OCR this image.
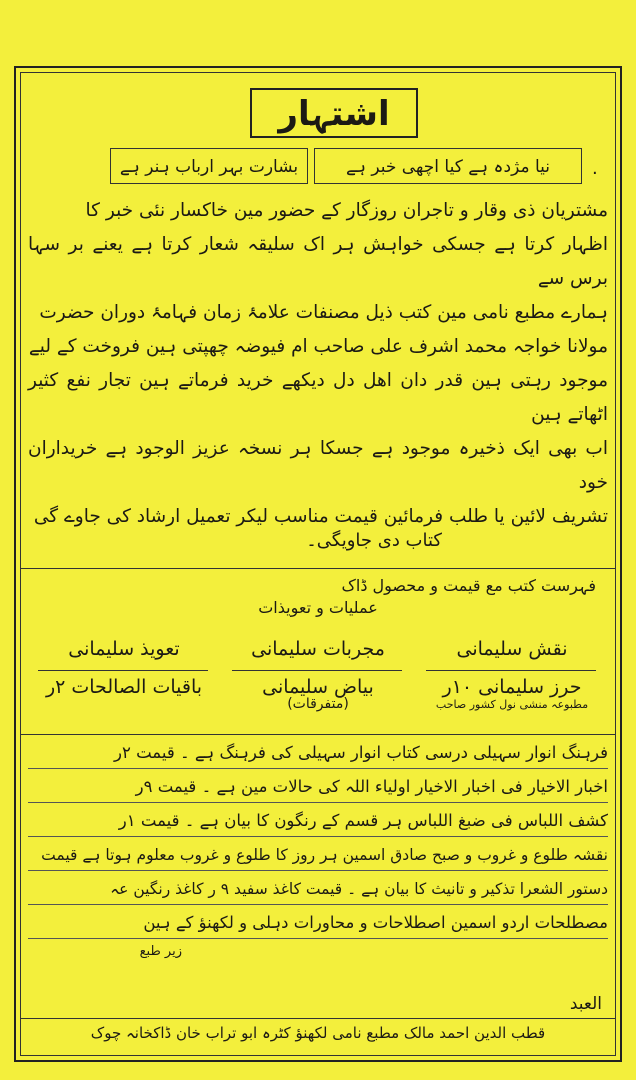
اشتہار
.
نیا مژدہ ہے کیا اچھی خبر ہے
بشارت بہر ارباب ہنر ہے
مشتریان ذی وقار و تاجران روزگار کے حضور مین خاکسار نئی خبر کا
اظہار کرتا ہے جسکی خواہش ہر اک سلیقہ شعار کرتا ہے یعنے بر سہا برس سے
ہمارے مطبع نامی مین کتب ذیل مصنفات علامۂ زمان فہامۂ دوران حضرت
مولانا خواجہ محمد اشرف علی صاحب ام فیوضہ چھپتی ہین فروخت کے لیے
موجود رہتی ہین قدر دان اهل دل دیکھے خرید فرماتے ہین تجار نفع کثیر اٹھاتے ہین
اب بھی ایک ذخیرہ موجود ہے جسکا ہر نسخہ عزیز الوجود ہے خریداران خود
تشریف لائین یا طلب فرمائین قیمت مناسب لیکر تعمیل ارشاد کی جاوے گی
کتاب دی جاویگی۔
فہرست کتب مع قیمت و محصول ڈاک
عملیات و تعویذات
نقش سلیمانی
مجربات سلیمانی
تعویذ سلیمانی
حرز سلیمانی ۱۰ر
مطبوعہ منشی نول کشور صاحب
بیاض سلیمانی
(متفرقات)
باقیات الصالحات ۲ر
فرہنگ انوار سہیلی درسی کتاب انوار سہیلی کی فرہنگ ہے ۔ قیمت ۲ر
اخبار الاخیار فی اخبار الاخیار اولیاء اللہ کی حالات مین ہے ۔ قیمت ۹ر
کشف اللباس فی ضبغ اللباس ہر قسم کے رنگون کا بیان ہے ۔ قیمت ۱ر
نقشہ طلوع و غروب و صبح صادق اسمین ہر روز کا طلوع و غروب معلوم ہوتا ہے قیمت
دستور الشعرا تذکیر و تانیث کا بیان ہے ۔ قیمت کاغذ سفید ۹ ر کاغذ رنگین عہ
مصطلحات اردو اسمین اصطلاحات و محاورات دہلی و لکھنؤ کے ہین
زیر طبع
العبد
قطب الدین احمد مالک مطبع نامی لکھنؤ کٹرہ ابو تراب خان ڈاکخانہ چوک
